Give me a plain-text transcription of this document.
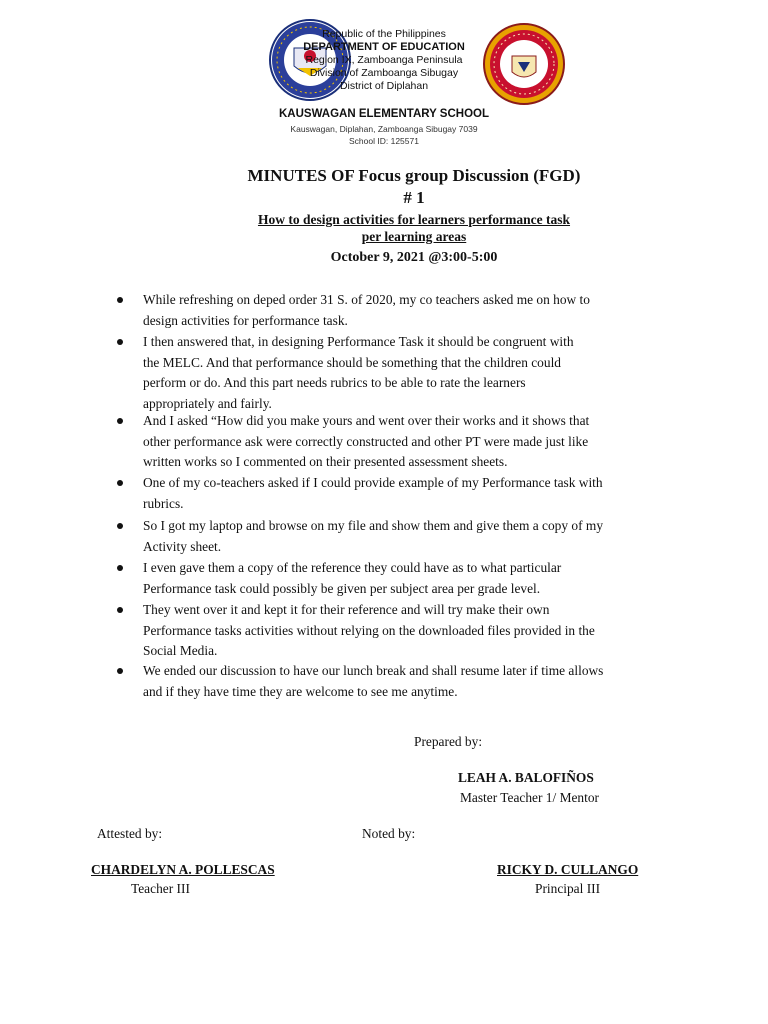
Republic of the Philippines
DEPARTMENT OF EDUCATION
Region IX, Zamboanga Peninsula
Division of Zamboanga Sibugay
District of Diplahan
KAUSWAGAN ELEMENTARY SCHOOL
Kauswagan, Diplahan, Zamboanga Sibugay 7039
School ID: 125571
MINUTES OF Focus group Discussion (FGD)
# 1
How to design activities for learners performance task
per learning areas
October 9, 2021 @3:00-5:00
While refreshing on deped order 31 S. of 2020, my co teachers asked me on how to
design activities for performance task.
I then answered that, in designing Performance Task it should be congruent with
the MELC. And that performance should be something that the children could
perform or do. And this part needs rubrics to be able to rate the learners
appropriately and fairly.
And I asked “How did you make yours and went over their works and it shows that
other performance ask were correctly constructed and other PT were made just like
written works so I commented on their presented assessment sheets.
One of my co-teachers asked if I could provide example of my Performance task with
rubrics.
So I got my laptop and browse on my file and show them and give them a copy of my
Activity sheet.
I even gave them a copy of the reference they could have as to what particular
Performance task could possibly be given per subject area per grade level.
They went over it and kept it for their reference and will try make their own
Performance tasks activities without relying on the downloaded files provided in the
Social Media.
We ended our discussion to have our lunch break and shall resume later if time allows
and if they have time they are welcome to see me anytime.
Prepared by:
LEAH A. BALOFIÑOS
Master Teacher 1/ Mentor
Attested by:	Noted by:
CHARDELYN A. POLLESCAS
Teacher III
RICKY D. CULLANGO
Principal III
